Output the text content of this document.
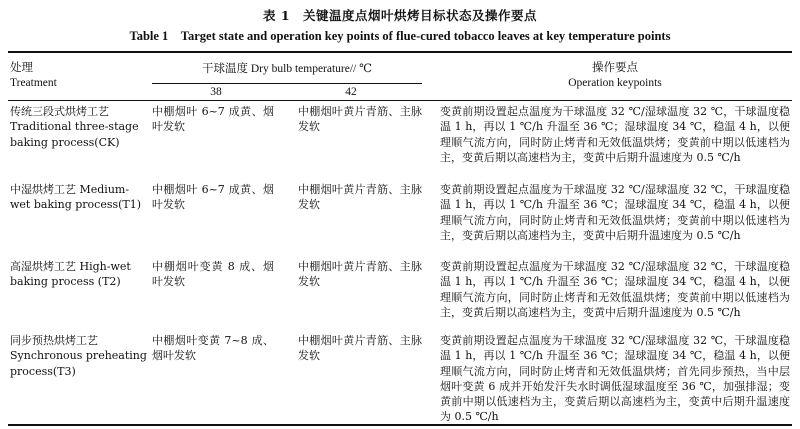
表 1　关键温度点烟叶烘烤目标状态及操作要点
Table 1　Target state and operation key points of flue-cured tobacco leaves at key temperature points
处理
Treatment
干球温度 Dry bulb temperature// ℃
38	42
操作要点
Operation keypoints
传统三段式烘烤工艺
Traditional three-stage baking process(CK)
中棚烟叶 6~7 成黄、烟叶发软
中棚烟叶黄片青筋、主脉发软
变黄前期设置起点温度为干球温度 32 ℃/湿球温度 32 ℃，干球温度稳温 1 h，再以 1 ℃/h 升温至 36 ℃；湿球温度 34 ℃，稳温 4 h，以便理顺气流方向，同时防止烤青和无效低温烘烤；变黄前中期以低速档为主，变黄后期以高速档为主，变黄中后期升温速度为 0.5 ℃/h
中湿烘烤工艺 Medium-
wet baking process(T1)
中棚烟叶 6~7 成黄、烟叶发软
中棚烟叶黄片青筋、主脉发软
变黄前期设置起点温度为干球温度 32 ℃/湿球温度 32 ℃，干球温度稳温 1 h，再以 1 ℃/h 升温至 36 ℃；湿球温度 34 ℃，稳温 4 h，以便理顺气流方向，同时防止烤青和无效低温烘烤；变黄前中期以低速档为主，变黄后期以高速档为主，变黄中后期升温速度为 0.5 ℃/h
高湿烘烤工艺 High-wet
baking process (T2)
中棚烟叶变黄 8 成、烟叶发软
中棚烟叶黄片青筋、主脉发软
变黄前期设置起点温度为干球温度 32 ℃/湿球温度 32 ℃，干球温度稳温 1 h，再以 1 ℃/h 升温至 36 ℃；湿球温度 34 ℃，稳温 4 h，以便理顺气流方向，同时防止烤青和无效低温烘烤；变黄前中期以低速档为主，变黄后期以高速档为主，变黄中后期升温速度为 0.5 ℃/h
同步预热烘烤工艺
Synchronous preheating process(T3)
中棚烟叶变黄 7~8 成、烟叶发软
中棚烟叶黄片青筋、主脉发软
变黄前期设置起点温度为干球温度 32 ℃/湿球温度 32 ℃，干球温度稳温 1 h，再以 1 ℃/h 升温至 36 ℃；湿球温度 34 ℃，稳温 4 h，以便理顺气流方向，同时防止烤青和无效低温烘烤；首先同步预热，当中层烟叶变黄 6 成并开始发汗失水时调低湿球温度至 36 ℃，加强排湿；变黄前中期以低速档为主，变黄后期以高速档为主，变黄中后期升温速度为 0.5 ℃/h
